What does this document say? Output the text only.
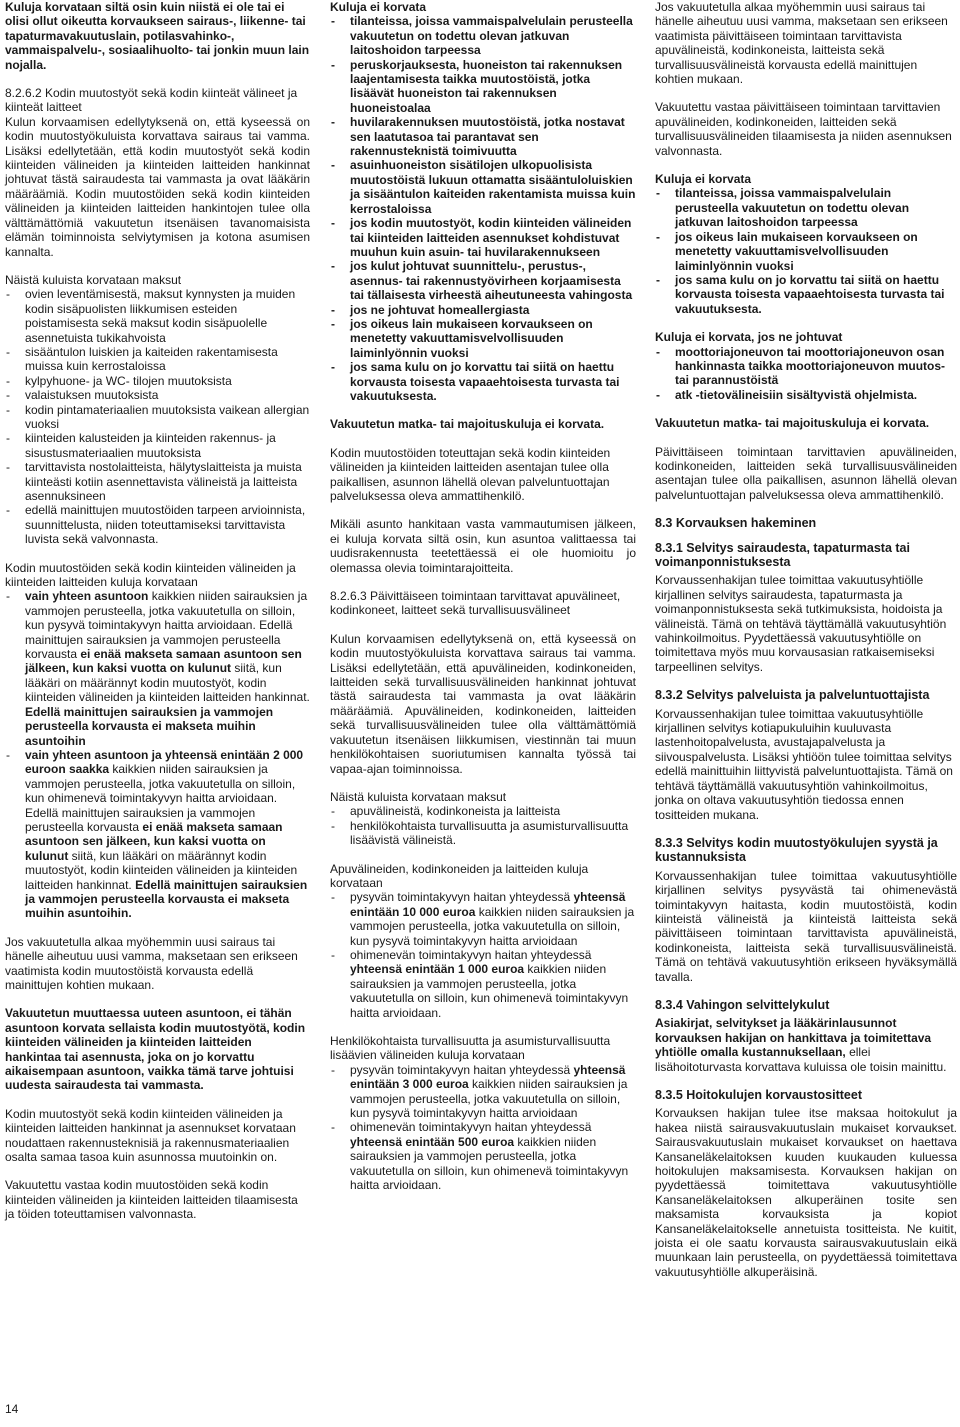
Kuluja korvataan siltä osin kuin niistä ei ole tai ei olisi ollut oikeutta korvaukseen sairaus-, liikenne- tai tapaturmavakuutuslain, potilasvahinko-, vammaispalvelu-, sosiaalihuolto- tai jonkin muun lain nojalla.

8.2.6.2 Kodin muutostyöt sekä kodin kiinteät välineet ja kiinteät laitteet

Kulun korvaamisen edellytyksenä on, että kyseessä on kodin muutostyökuluista korvattava sairaus tai vamma. Lisäksi edellytetään, että kodin muutostyöt sekä kodin kiinteiden välineiden ja kiinteiden laitteiden hankinnat johtuvat tästä sairaudesta tai vammasta ja ovat lääkärin määräämiä. Kodin muutostöiden sekä kodin kiinteiden välineiden ja kiinteiden laitteiden hankintojen tulee olla välttämättömiä vakuutetun itsenäisen tavanomaisista elämän toiminnoista selviytymisen ja kotona asumisen kannalta.

Näistä kuluista korvataan maksut

- ovien leventämisestä, maksut kynnysten ja muiden kodin sisäpuolisten liikkumisen esteiden poistamisesta sekä maksut kodin sisäpuolelle asennetuista tukikahvoista
- sisääntulon luiskien ja kaiteiden rakentamisesta muissa kuin kerrostaloissa
- kylpyhuone- ja WC- tilojen muutoksista
- valaistuksen muutoksista
- kodin pintamateriaalien muutoksista vaikean allergian vuoksi
- kiinteiden kalusteiden ja kiinteiden rakennus- ja sisustusmateriaalien muutoksista
- tarvittavista nostolaitteista, hälytyslaitteista ja muista kiinteästi kotiin asennettavista välineistä ja laitteista asennuksineen
- edellä mainittujen muutostöiden tarpeen arvioinnista, suunnittelusta, niiden toteuttamiseksi tarvittavista luvista sekä valvonnasta.

Kodin muutostöiden sekä kodin kiinteiden välineiden ja kiinteiden laitteiden kuluja korvataan

- vain yhteen asuntoon kaikkien niiden sairauksien ja vammojen perusteella, jotka vakuutetulla on silloin, kun pysyvä toimintakyvyn haitta arvioidaan. Edellä mainittujen sairauksien ja vammojen perusteella korvausta ei enää makseta samaan asuntoon sen jälkeen, kun kaksi vuotta on kulunut siitä, kun lääkäri on määrännyt kodin muutostyöt, kodin kiinteiden välineiden ja kiinteiden laitteiden hankinnat. Edellä mainittujen sairauksien ja vammojen perusteella korvausta ei makseta muihin asuntoihin
- vain yhteen asuntoon ja yhteensä enintään 2 000 euroon saakka kaikkien niiden sairauksien ja vammojen perusteella, jotka vakuutetulla on silloin, kun ohimenevä toimintakyvyn haitta arvioidaan. Edellä mainittujen sairauksien ja vammojen perusteella korvausta ei enää makseta samaan asuntoon sen jälkeen, kun kaksi vuotta on kulunut siitä, kun lääkäri on määrännyt kodin muutostyöt, kodin kiinteiden välineiden ja kiinteiden laitteiden hankinnat. Edellä mainittujen sairauksien ja vammojen perusteella korvausta ei makseta muihin asuntoihin.

Jos vakuutetulla alkaa myöhemmin uusi sairaus tai hänelle aiheutuu uusi vamma, maksetaan sen erikseen vaatimista kodin muutostöistä korvausta edellä mainittujen kohtien mukaan.

Vakuutetun muuttaessa uuteen asuntoon, ei tähän asuntoon korvata sellaista kodin muutostyötä, kodin kiinteiden välineiden ja kiinteiden laitteiden hankintaa tai asennusta, joka on jo korvattu aikaisempaan asuntoon, vaikka tämä tarve johtuisi uudesta sairaudesta tai vammasta.

Kodin muutostyöt sekä kodin kiinteiden välineiden ja kiinteiden laitteiden hankinnat ja asennukset korvataan noudattaen rakennusteknisiä ja rakennusmateriaalien osalta samaa tasoa kuin asunnossa muutoinkin on.

Vakuutettu vastaa kodin muutostöiden sekä kodin kiinteiden välineiden ja kiinteiden laitteiden tilaamisesta ja töiden toteuttamisen valvonnasta.

Kuluja ei korvata

- tilanteissa, joissa vammaispalvelulain perusteella vakuutetun on todettu olevan jatkuvan laitoshoidon tarpeessa
- peruskorjauksesta, huoneiston tai rakennuksen laajentamisesta taikka muutostöistä, jotka lisäävät huoneiston tai rakennuksen huoneistoalaa
- huvilarakennuksen muutostöistä, jotka nostavat sen laatutasoa tai parantavat sen rakennusteknistä toimivuutta
- asuinhuoneiston sisätilojen ulkopuolisista muutostöistä lukuun ottamatta sisääntuloluiskien ja sisääntulon kaiteiden rakentamista muissa kuin kerrostaloissa
- jos kodin muutostyöt, kodin kiinteiden välineiden tai kiinteiden laitteiden asennukset kohdistuvat muuhun kuin asuin- tai huvilarakennukseen
- jos kulut johtuvat suunnittelu-, perustus-, asennus- tai rakennustyövirheen korjaamisesta tai tällaisesta virheestä aiheutuneesta vahingosta
- jos ne johtuvat homeallergiasta
- jos oikeus lain mukaiseen korvaukseen on menetetty vakuuttamisvelvollisuuden laiminlyönnin vuoksi
- jos sama kulu on jo korvattu tai siitä on haettu korvausta toisesta vapaaehtoisesta turvasta tai vakuutuksesta.

Vakuutetun matka- tai majoituskuluja ei korvata.

Kodin muutostöiden toteuttajan sekä kodin kiinteiden välineiden ja kiinteiden laitteiden asentajan tulee olla paikallisen, asunnon lähellä olevan palveluntuottajan palveluksessa oleva ammattihenkilö.

Mikäli asunto hankitaan vasta vammautumisen jälkeen, ei kuluja korvata siltä osin, kun asuntoa valittaessa tai uudisrakennusta teetettäessä ei ole huomioitu jo olemassa olevia toimintarajoitteita.

8.2.6.3 Päivittäiseen toimintaan tarvittavat apuvälineet, kodinkoneet, laitteet sekä turvallisuusvälineet

Kulun korvaamisen edellytyksenä on, että kyseessä on kodin muutostyökuluista korvattava sairaus tai vamma. Lisäksi edellytetään, että apuvälineiden, kodinkoneiden, laitteiden sekä turvallisuusvälineiden hankinnat johtuvat tästä sairaudesta tai vammasta ja ovat lääkärin määräämiä. Apuvälineiden, kodinkoneiden, laitteiden sekä turvallisuusvälineiden tulee olla välttämättömiä vakuutetun itsenäisen liikkumisen, viestinnän tai muun henkilökohtaisen suoriutumisen kannalta työssä tai vapaa-ajan toiminnoissa.

Näistä kuluista korvataan maksut

- apuvälineistä, kodinkoneista ja laitteista
- henkilökohtaista turvallisuutta ja asumisturvallisuutta lisäävistä välineistä.

Apuvälineiden, kodinkoneiden ja laitteiden kuluja korvataan

- pysyvän toimintakyvyn haitan yhteydessä yhteensä enintään 10 000 euroa kaikkien niiden sairauksien ja vammojen perusteella, jotka vakuutetulla on silloin, kun pysyvä toimintakyvyn haitta arvioidaan
- ohimenevän toimintakyvyn haitan yhteydessä yhteensä enintään 1 000 euroa kaikkien niiden sairauksien ja vammojen perusteella, jotka vakuutetulla on silloin, kun ohimenevä toimintakyvyn haitta arvioidaan.

Henkilökohtaista turvallisuutta ja asumisturvallisuutta lisäävien välineiden kuluja korvataan

- pysyvän toimintakyvyn haitan yhteydessä yhteensä enintään 3 000 euroa kaikkien niiden sairauksien ja vammojen perusteella, jotka vakuutetulla on silloin, kun pysyvä toimintakyvyn haitta arvioidaan
- ohimenevän toimintakyvyn haitan yhteydessä yhteensä enintään 500 euroa kaikkien niiden sairauksien ja vammojen perusteella, jotka vakuutetulla on silloin, kun ohimenevä toimintakyvyn haitta arvioidaan.

Jos vakuutetulla alkaa myöhemmin uusi sairaus tai hänelle aiheutuu uusi vamma, maksetaan sen erikseen vaatimista päivittäiseen toimintaan tarvittavista apuvälineistä, kodinkoneista, laitteista sekä turvallisuusvälineistä korvausta edellä mainittujen kohtien mukaan.

Vakuutettu vastaa päivittäiseen toimintaan tarvittavien apuvälineiden, kodinkoneiden, laitteiden sekä turvallisuusvälineiden tilaamisesta ja niiden asennuksen valvonnasta.

Kuluja ei korvata

- tilanteissa, joissa vammaispalvelulain perusteella vakuutetun on todettu olevan jatkuvan laitoshoidon tarpeessa
- jos oikeus lain mukaiseen korvaukseen on menetetty vakuuttamisvelvollisuuden laiminlyönnin vuoksi
- jos sama kulu on jo korvattu tai siitä on haettu korvausta toisesta vapaaehtoisesta turvasta tai vakuutuksesta.

Kuluja ei korvata, jos ne johtuvat

- moottoriajoneuvon tai moottoriajoneuvon osan hankinnasta taikka moottoriajoneuvon muutos- tai parannustöistä
- atk -tietovälineisiin sisältyvistä ohjelmista.

Vakuutetun matka- tai majoituskuluja ei korvata.

Päivittäiseen toimintaan tarvittavien apuvälineiden, kodinkoneiden, laitteiden sekä turvallisuusvälineiden asentajan tulee olla paikallisen, asunnon lähellä olevan palveluntuottajan palveluksessa oleva ammattihenkilö.

8.3 Korvauksen hakeminen
8.3.1 Selvitys sairaudesta, tapaturmasta tai voimanponnistuksesta

Korvaussenhakijan tulee toimittaa vakuutusyhtiölle kirjallinen selvitys sairaudesta, tapaturmasta ja voimanponnistuksesta sekä tutkimuksista, hoidoista ja välineistä. Tämä on tehtävä täyttämällä vakuutusyhtiön vahinkoilmoitus. Pyydettäessä vakuutusyhtiölle on toimitettava myös muu korvausasian ratkaisemiseksi tarpeellinen selvitys.

8.3.2 Selvitys palveluista ja palveluntuottajista

Korvaussenhakijan tulee toimittaa vakuutusyhtiölle kirjallinen selvitys kotiapukuluihin kuuluvasta lastenhoitopalvelusta, avustajapalvelusta ja siivouspalvelusta. Lisäksi yhtiöön tulee toimittaa selvitys edellä mainittuihin liittyvistä palveluntuottajista. Tämä on tehtävä täyttämällä vakuutusyhtiön vahinkoilmoitus, jonka on oltava vakuutusyhtiön tiedossa ennen tositteiden mukana.

8.3.3 Selvitys kodin muutostyökulujen syystä ja kustannuksista

Korvaussenhakijan tulee toimittaa vakuutusyhtiölle kirjallinen selvitys pysyvästä tai ohimenevästä toimintakyvyn haitasta, kodin muutostöistä, kodin kiinteistä välineistä ja kiinteistä laitteista sekä päivittäiseen toimintaan tarvittavista apuvälineistä, kodinkoneista, laitteista sekä turvallisuusvälineistä. Tämä on tehtävä vakuutusyhtiön erikseen hyväksymällä tavalla.

8.3.4 Vahingon selvittelykulut

Asiakirjat, selvitykset ja lääkärinlausunnot korvauksen hakijan on hankittava ja toimitettava yhtiölle omalla kustannuksellaan, ellei lisähoitoturvasta korvattava kuluissa ole toisin mainittu.

8.3.5 Hoitokulujen korvaustositteet

Korvauksen hakijan tulee itse maksaa hoitokulut ja hakea niistä sairausvakuutuslain mukaiset korvaukset. Sairausvakuutuslain mukaiset korvaukset on haettava Kansaneläkelaitoksen kuuden kuukauden kuluessa hoitokulujen maksamisesta. Korvauksen hakijan on pyydettäessä toimitettava vakuutusyhtiölle Kansaneläkelaitoksen alkuperäinen tosite sen maksamista korvauksista ja kopiot Kansaneläkelaitokselle annetuista tositteista. Ne kuitit, joista ei ole saatu korvausta sairausvakuutuslain eikä muunkaan lain perusteella, on pyydettäessä toimitettava vakuutusyhtiölle alkuperäisinä.

14
